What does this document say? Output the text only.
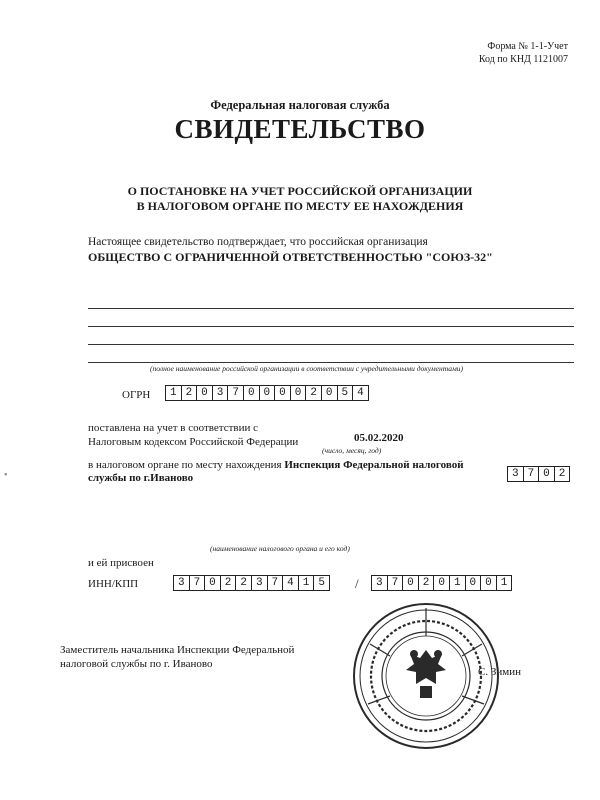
Форма № 1-1-Учет
Код по КНД 1121007
Федеральная налоговая служба
СВИДЕТЕЛЬСТВО
О ПОСТАНОВКЕ НА УЧЕТ РОССИЙСКОЙ ОРГАНИЗАЦИИ
В НАЛОГОВОМ ОРГАНЕ ПО МЕСТУ ЕЕ НАХОЖДЕНИЯ
Настоящее свидетельство подтверждает, что российская организация
ОБЩЕСТВО С ОГРАНИЧЕННОЙ ОТВЕТСТВЕННОСТЬЮ "СОЮЗ-32"
(полное наименование российской организации в соответствии с учредительными документами)
ОГРН	1 2 0 3 7 0 0 0 0 2 0 5 4
поставлена на учет в соответствии с
Налоговым кодексом Российской Федерации	05.02.2020
(число, месяц, год)
в налоговом органе по месту нахождения Инспекция Федеральной налоговой
службы по г.Иваново	3 7 0 2
(наименование налогового органа и его код)
и ей присвоен
ИНН/КПП	3 7 0 2 2 3 7 4 1 5	/	3 7 0 2 0 1 0 0 1
Заместитель начальника Инспекции Федеральной
налоговой службы по г. Иваново
С. Зимин
•
